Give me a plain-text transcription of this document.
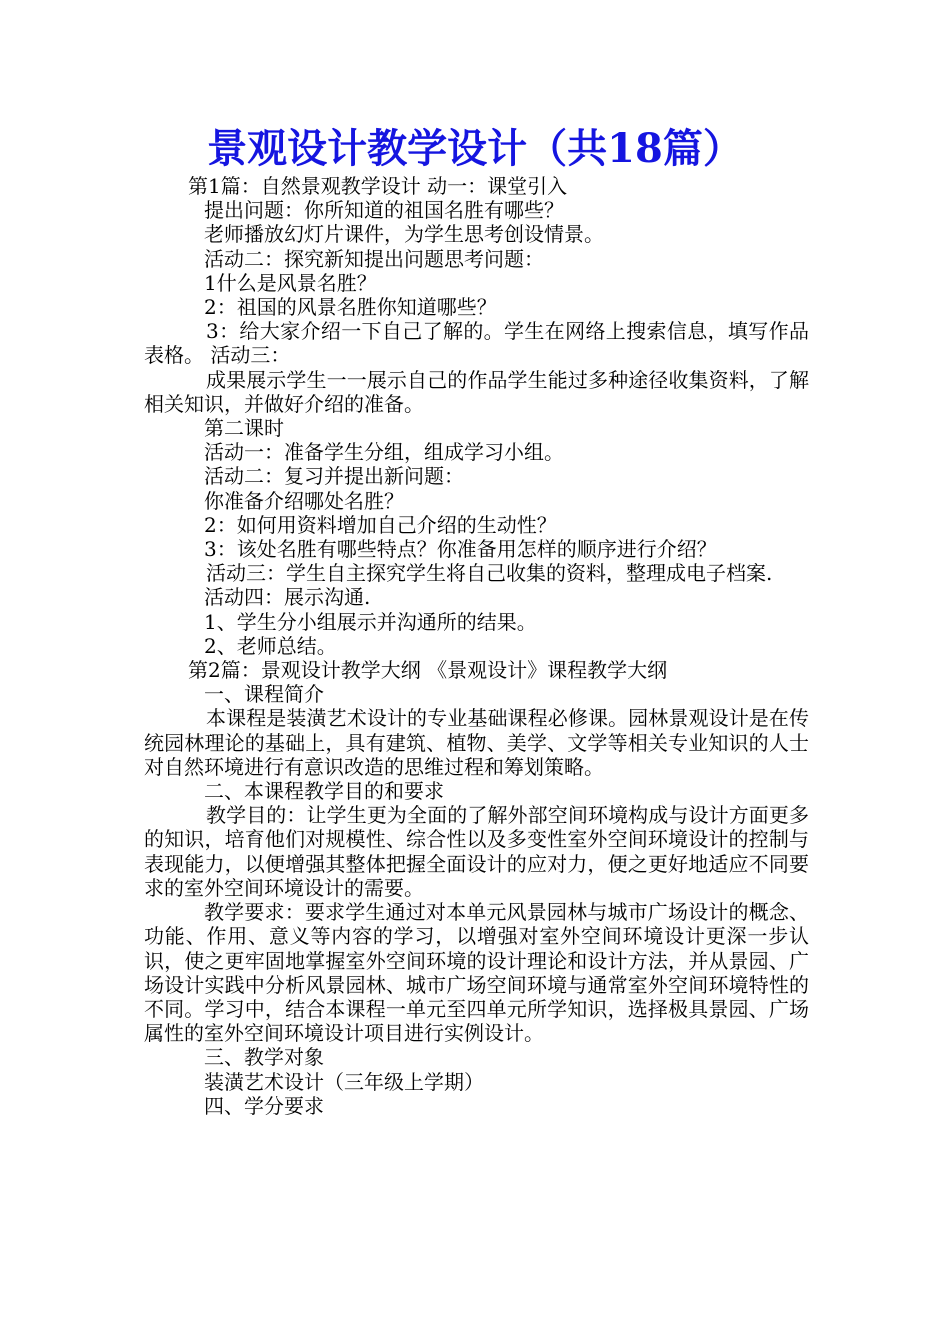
景观设计教学设计（共18篇）

第1篇：自然景观教学设计 动一：课堂引入

提出问题：你所知道的祖国名胜有哪些？

老师播放幻灯片课件，为学生思考创设情景。

活动二：探究新知提出问题思考问题：

1什么是风景名胜？

2：祖国的风景名胜你知道哪些？

3：给大家介绍一下自己了解的。学生在网络上搜索信息，填写作品表格。 活动三：

成果展示学生一一展示自己的作品学生能过多种途径收集资料，了解相关知识，并做好介绍的准备。

第二课时

活动一：准备学生分组，组成学习小组。

活动二：复习并提出新问题：

你准备介绍哪处名胜？

2：如何用资料增加自己介绍的生动性？

3：该处名胜有哪些特点？你准备用怎样的顺序进行介绍？

活动三：学生自主探究学生将自己收集的资料，整理成电子档案.

活动四：展示沟通.

1、学生分小组展示并沟通所的结果。

2、老师总结。

第2篇：景观设计教学大纲 《景观设计》课程教学大纲

一、课程简介

本课程是装潢艺术设计的专业基础课程必修课。园林景观设计是在传统园林理论的基础上，具有建筑、植物、美学、文学等相关专业知识的人士对自然环境进行有意识改造的思维过程和筹划策略。

二、本课程教学目的和要求

教学目的：让学生更为全面的了解外部空间环境构成与设计方面更多的知识，培育他们对规模性、综合性以及多变性室外空间环境设计的控制与表现能力，以便增强其整体把握全面设计的应对力，便之更好地适应不同要求的室外空间环境设计的需要。

教学要求：要求学生通过对本单元风景园林与城市广场设计的概念、功能、作用、意义等内容的学习，以增强对室外空间环境设计更深一步认识，使之更牢固地掌握室外空间环境的设计理论和设计方法，并从景园、广场设计实践中分析风景园林、城市广场空间环境与通常室外空间环境特性的不同。学习中，结合本课程一单元至四单元所学知识，选择极具景园、广场属性的室外空间环境设计项目进行实例设计。

三、教学对象

装潢艺术设计（三年级上学期）

四、学分要求
